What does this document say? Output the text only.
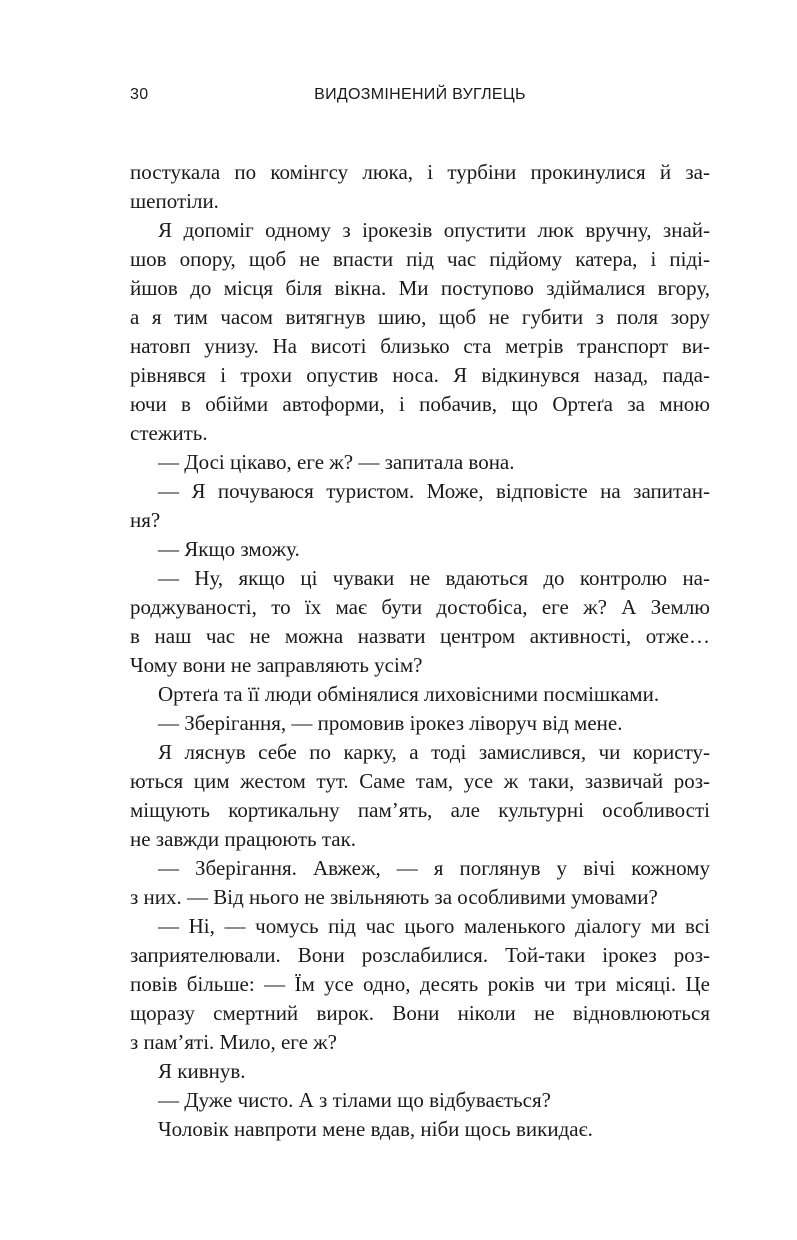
30	ВИДОЗМІНЕНИЙ ВУГЛЕЦЬ
постукала по комінгсу люка, і турбіни прокинулися й за-
шепотіли.
Я допоміг одному з ірокезів опустити люк вручну, знай-
шов опору, щоб не впасти під час підйому катера, і піді-
йшов до місця біля вікна. Ми поступово здіймалися вгору,
а я тим часом витягнув шию, щоб не губити з поля зору
натовп унизу. На висоті близько ста метрів транспорт ви-
рівнявся і трохи опустив носа. Я відкинувся назад, пада-
ючи в обійми автоформи, і побачив, що Ортеґа за мною
стежить.
— Досі цікаво, еге ж? — запитала вона.
— Я почуваюся туристом. Може, відповісте на запитан-
ня?
— Якщо зможу.
— Ну, якщо ці чуваки не вдаються до контролю на-
роджуваності, то їх має бути достобіса, еге ж? А Землю
в наш час не можна назвати центром активності, отже…
Чому вони не заправляють усім?
Ортеґа та її люди обмінялися лиховісними посмішками.
— Зберігання, — промовив ірокез ліворуч від мене.
Я ляснув себе по карку, а тоді замислився, чи користу-
ються цим жестом тут. Саме там, усе ж таки, зазвичай роз-
міщують кортикальну пам’ять, але культурні особливості
не завжди працюють так.
— Зберігання. Авжеж, — я поглянув у вічі кожному
з них. — Від нього не звільняють за особливими умовами?
— Ні, — чомусь під час цього маленького діалогу ми всі
заприятелювали. Вони розслабилися. Той-таки ірокез роз-
повів більше: — Їм усе одно, десять років чи три місяці. Це
щоразу смертний вирок. Вони ніколи не відновлюються
з пам’яті. Мило, еге ж?
Я кивнув.
— Дуже чисто. А з тілами що відбувається?
Чоловік навпроти мене вдав, ніби щось викидає.
